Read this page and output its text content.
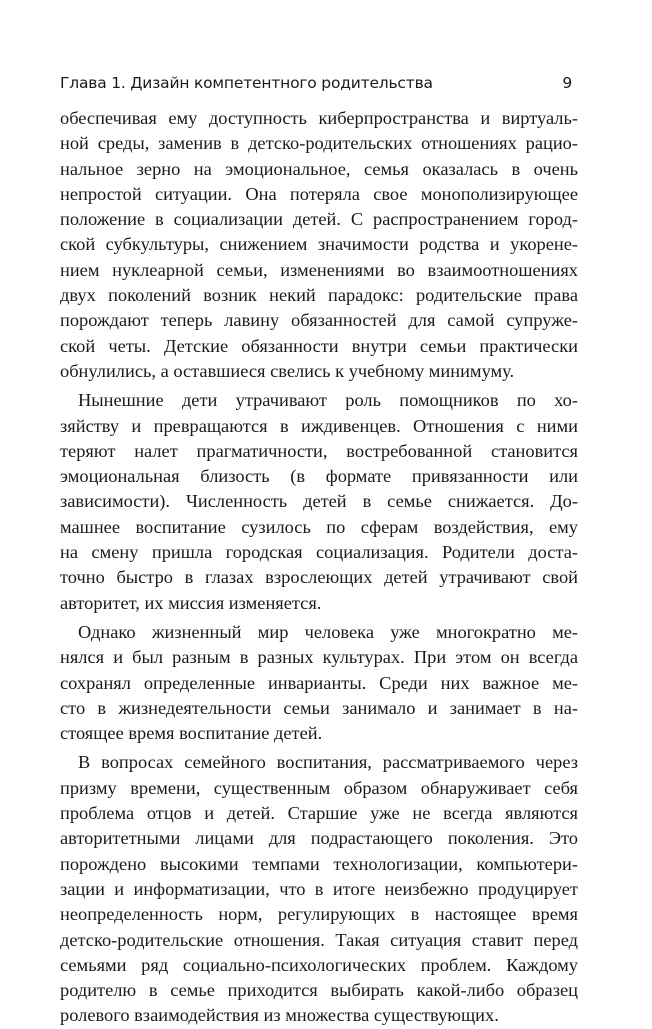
Глава 1. Дизайн компетентного родительства	9

обеспечивая ему доступность киберпространства и виртуаль-
ной среды, заменив в детско-родительских отношениях рацио-
нальное зерно на эмоциональное, семья оказалась в очень
непростой ситуации. Она потеряла свое монополизирующее
положение в социализации детей. С распространением город-
ской субкультуры, снижением значимости родства и укорене-
нием нуклеарной семьи, изменениями во взаимоотношениях
двух поколений возник некий парадокс: родительские права
порождают теперь лавину обязанностей для самой супруже-
ской четы. Детские обязанности внутри семьи практически
обнулились, а оставшиеся свелись к учебному минимуму.

Нынешние дети утрачивают роль помощников по хо-
зяйству и превращаются в иждивенцев. Отношения с ними
теряют налет прагматичности, востребованной становится
эмоциональная близость (в формате привязанности или
зависимости). Численность детей в семье снижается. До-
машнее воспитание сузилось по сферам воздействия, ему
на смену пришла городская социализация. Родители доста-
точно быстро в глазах взрослеющих детей утрачивают свой
авторитет, их миссия изменяется.

Однако жизненный мир человека уже многократно ме-
нялся и был разным в разных культурах. При этом он всегда
сохранял определенные инварианты. Среди них важное ме-
сто в жизнедеятельности семьи занимало и занимает в на-
стоящее время воспитание детей.

В вопросах семейного воспитания, рассматриваемого через
призму времени, существенным образом обнаруживает себя
проблема отцов и детей. Старшие уже не всегда являются
авторитетными лицами для подрастающего поколения. Это
порождено высокими темпами технологизации, компьютери-
зации и информатизации, что в итоге неизбежно продуцирует
неопределенность норм, регулирующих в настоящее время
детско-родительские отношения. Такая ситуация ставит перед
семьями ряд социально-психологических проблем. Каждому
родителю в семье приходится выбирать какой-либо образец
ролевого взаимодействия из множества существующих.
